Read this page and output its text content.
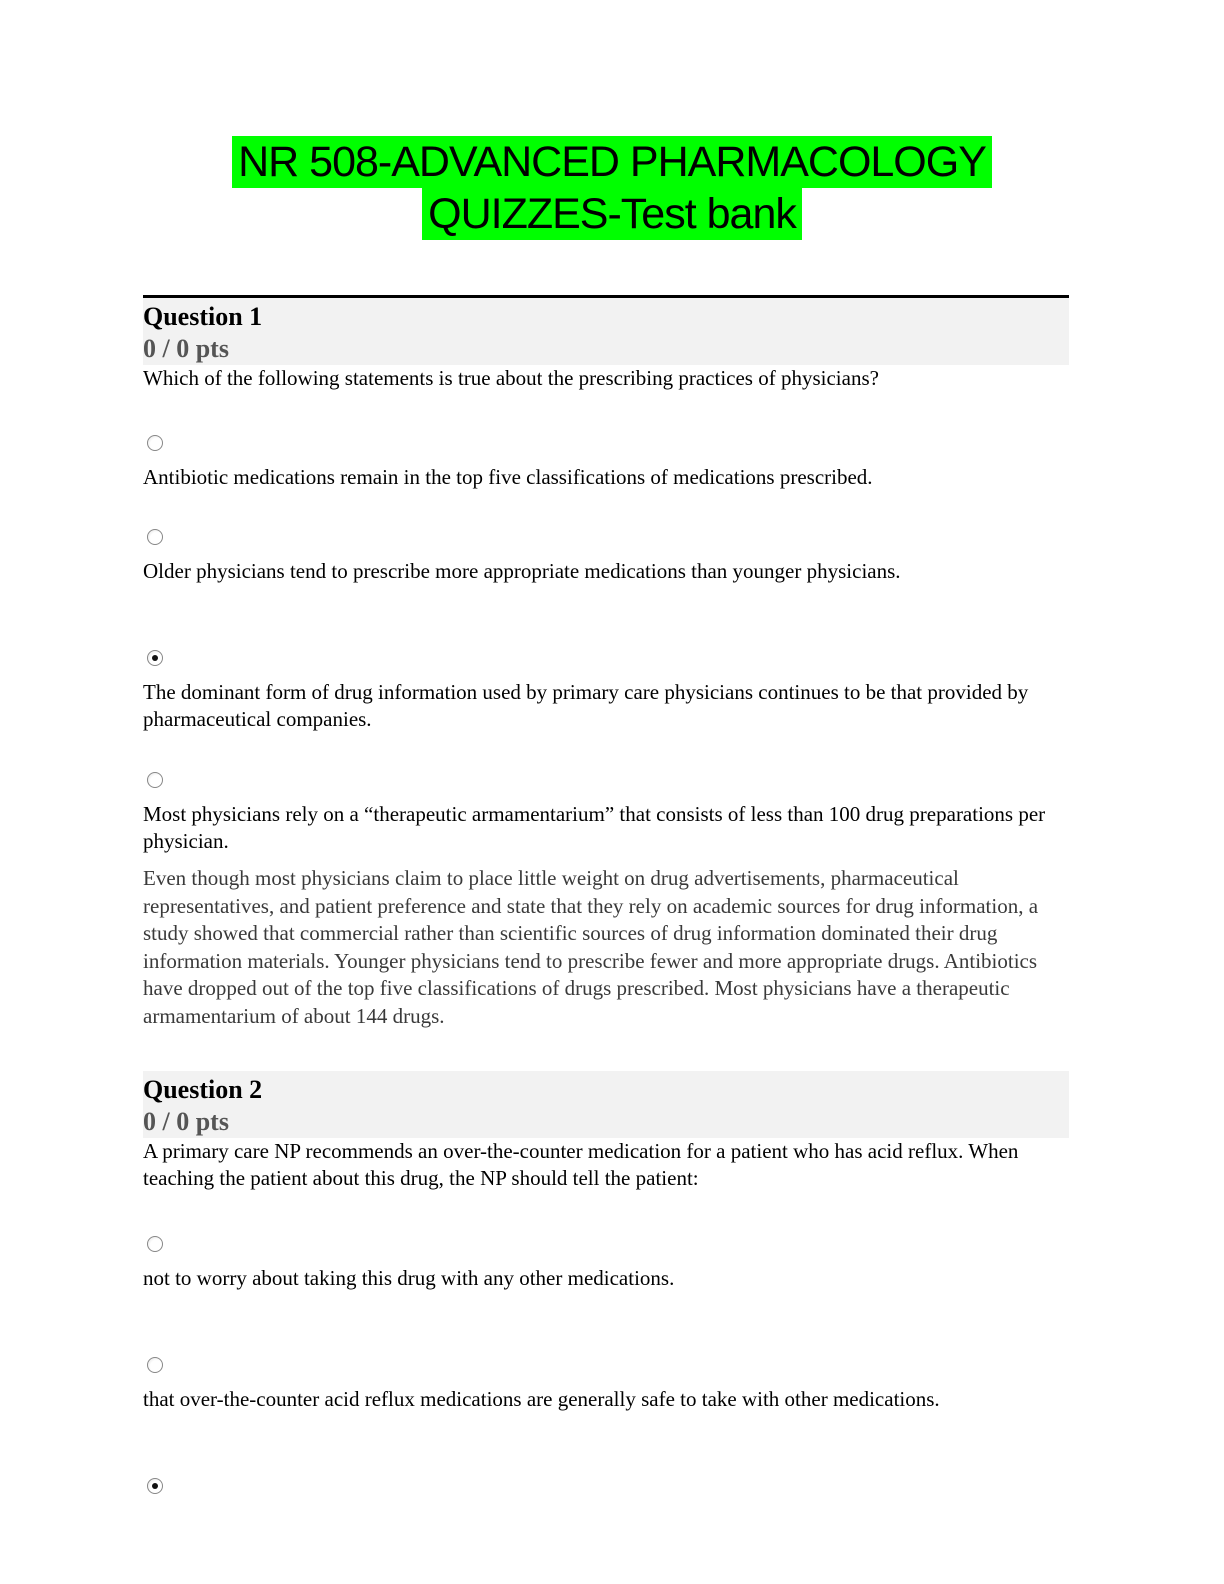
NR 508-ADVANCED PHARMACOLOGY
QUIZZES-Test bank
Question 1
0 / 0 pts
Which of the following statements is true about the prescribing practices of physicians?
Antibiotic medications remain in the top five classifications of medications prescribed.
Older physicians tend to prescribe more appropriate medications than younger physicians.
The dominant form of drug information used by primary care physicians continues to be that provided by pharmaceutical companies.
Most physicians rely on a “therapeutic armamentarium” that consists of less than 100 drug preparations per physician.
Even though most physicians claim to place little weight on drug advertisements, pharmaceutical representatives, and patient preference and state that they rely on academic sources for drug information, a study showed that commercial rather than scientific sources of drug information dominated their drug information materials. Younger physicians tend to prescribe fewer and more appropriate drugs. Antibiotics have dropped out of the top five classifications of drugs prescribed. Most physicians have a therapeutic armamentarium of about 144 drugs.
Question 2
0 / 0 pts
A primary care NP recommends an over-the-counter medication for a patient who has acid reflux. When teaching the patient about this drug, the NP should tell the patient:
not to worry about taking this drug with any other medications.
that over-the-counter acid reflux medications are generally safe to take with other medications.
